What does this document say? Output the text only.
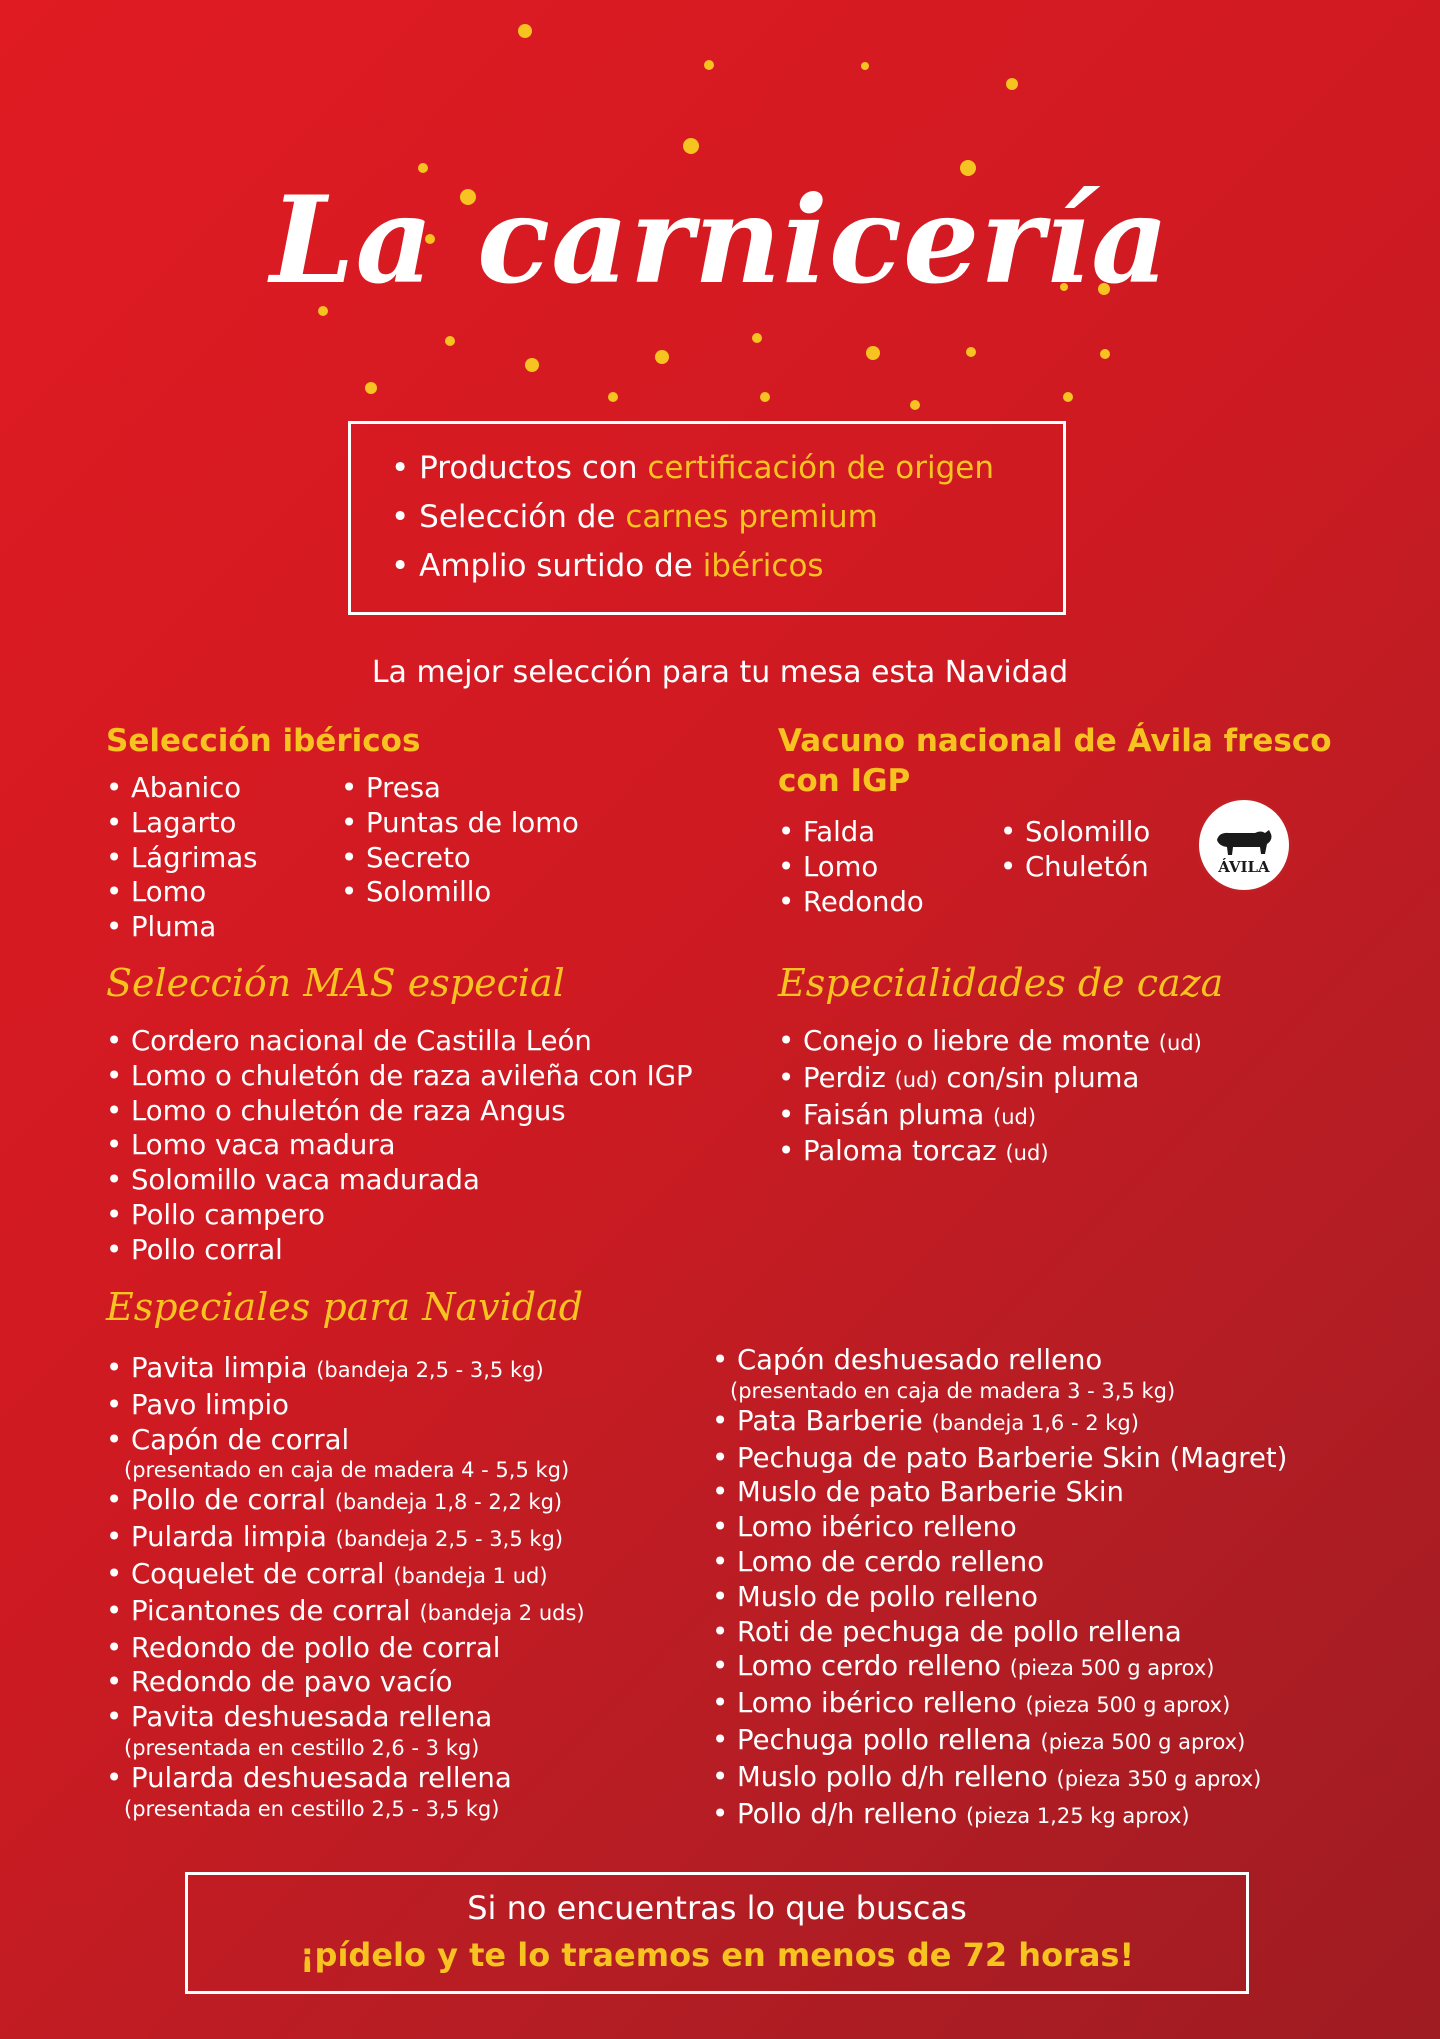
La carnicería
• Productos con certificación de origen
• Selección de carnes premium
• Amplio surtido de ibéricos

La mejor selección para tu mesa esta Navidad

Selección ibéricos
• Abanico
• Lagarto
• Lágrimas
• Lomo
• Pluma
• Presa
• Puntas de lomo
• Secreto
• Solomillo
Vacuno nacional de Ávila fresco
con IGP
• Falda
• Lomo
• Redondo
• Solomillo
• Chuletón	ÁVILA
Selección MAS especial
• Cordero nacional de Castilla León
• Lomo o chuletón de raza avileña con IGP
• Lomo o chuletón de raza Angus
• Lomo vaca madura
• Solomillo vaca madurada
• Pollo campero
• Pollo corral
Especialidades de caza
• Conejo o liebre de monte (ud)
• Perdiz (ud) con/sin pluma
• Faisán pluma (ud)
• Paloma torcaz (ud)
Especiales para Navidad
• Pavita limpia (bandeja 2,5 - 3,5 kg)
• Pavo limpio
• Capón de corral
(presentado en caja de madera 4 - 5,5 kg)
• Pollo de corral (bandeja 1,8 - 2,2 kg)
• Pularda limpia (bandeja 2,5 - 3,5 kg)
• Coquelet de corral (bandeja 1 ud)
• Picantones de corral (bandeja 2 uds)
• Redondo de pollo de corral
• Redondo de pavo vacío
• Pavita deshuesada rellena
(presentada en cestillo 2,6 - 3 kg)
• Pularda deshuesada rellena
(presentada en cestillo 2,5 - 3,5 kg)
• Capón deshuesado relleno
(presentado en caja de madera 3 - 3,5 kg)
• Pata Barberie (bandeja 1,6 - 2 kg)
• Pechuga de pato Barberie Skin (Magret)
• Muslo de pato Barberie Skin
• Lomo ibérico relleno
• Lomo de cerdo relleno
• Muslo de pollo relleno
• Roti de pechuga de pollo rellena
• Lomo cerdo relleno (pieza 500 g aprox)
• Lomo ibérico relleno (pieza 500 g aprox)
• Pechuga pollo rellena (pieza 500 g aprox)
• Muslo pollo d/h relleno (pieza 350 g aprox)
• Pollo d/h relleno (pieza 1,25 kg aprox)
Si no encuentras lo que buscas
¡pídelo y te lo traemos en menos de 72 horas!
